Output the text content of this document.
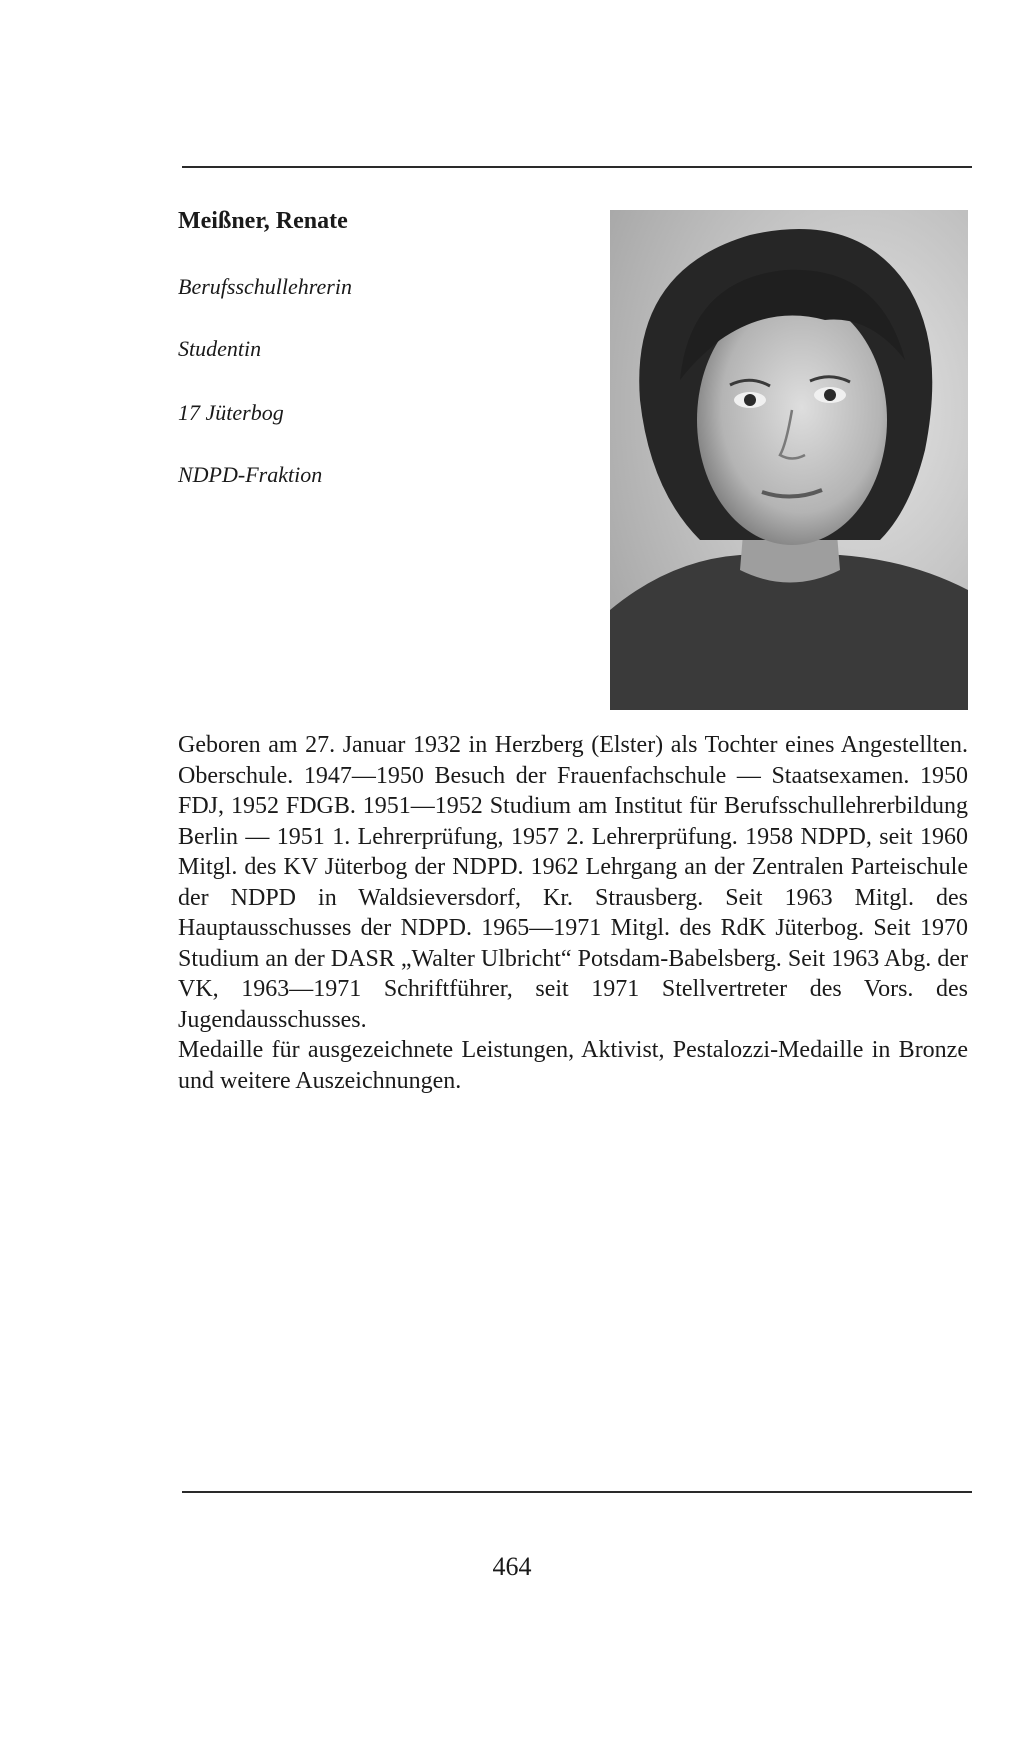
Meißner, Renate
Berufsschullehrerin
Studentin
17 Jüterbog
NDPD-Fraktion

Geboren am 27. Januar 1932 in Herzberg (Elster) als Tochter eines Angestellten. Oberschule. 1947—1950 Besuch der Frauenfachschule — Staatsexamen. 1950 FDJ, 1952 FDGB. 1951—1952 Studium am Institut für Berufsschullehrerbildung Berlin — 1951 1. Lehrerprüfung, 1957 2. Lehrerprüfung. 1958 NDPD, seit 1960 Mitgl. des KV Jüterbog der NDPD. 1962 Lehrgang an der Zentralen Parteischule der NDPD in Waldsieversdorf, Kr. Strausberg. Seit 1963 Mitgl. des Hauptausschusses der NDPD. 1965—1971 Mitgl. des RdK Jüterbog. Seit 1970 Studium an der DASR „Walter Ulbricht“ Potsdam-Babelsberg. Seit 1963 Abg. der VK, 1963—1971 Schriftführer, seit 1971 Stellvertreter des Vors. des Jugendausschusses.

Medaille für ausgezeichnete Leistungen, Aktivist, Pestalozzi-Medaille in Bronze und weitere Auszeichnungen.

464
